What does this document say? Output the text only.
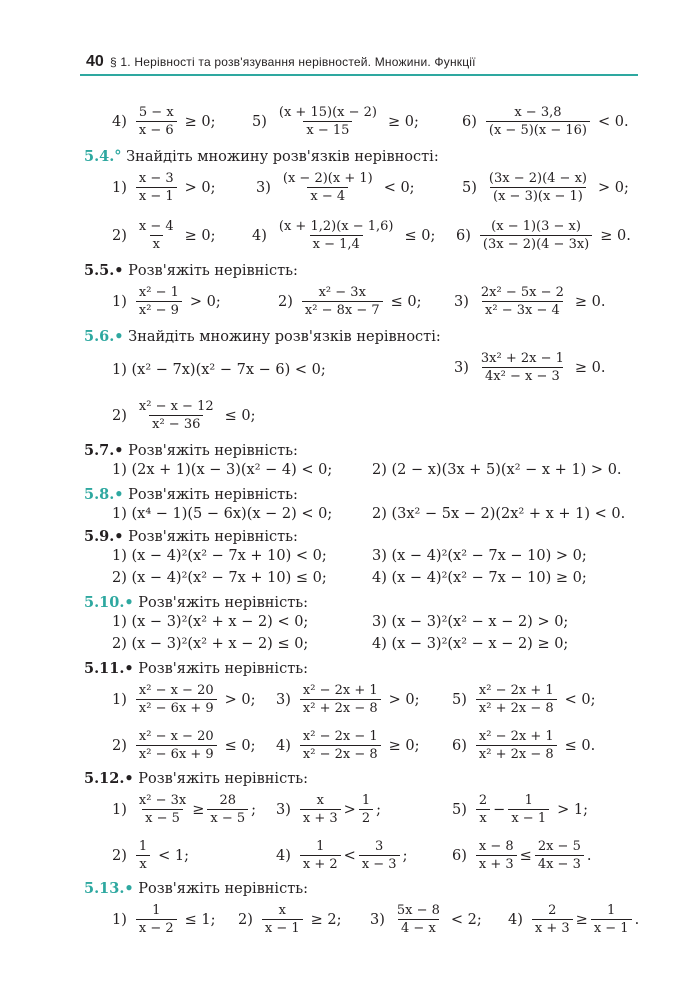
40 § 1. Нерівності та розв'язування нерівностей. Множини. Функції
$4) \frac{5 - x}{x - 6} \ge 0$;	$5) \frac{(x + 15)(x - 2)}{x - 15} \ge 0$;	$6) \frac{x - 3,8}{(x - 5)(x - 16)} < 0$.
5.4.° Знайдіть множину розв'язків нерівності:
$1) \frac{x - 3}{x - 1} > 0$;	$3) \frac{(x - 2)(x + 1)}{x - 4} < 0$;	$5) \frac{(3x - 2)(4 - x)}{(x - 3)(x - 1)} > 0$;
$2) \frac{x - 4}{x} \ge 0$;	$4) \frac{(x + 1,2)(x - 1,6)}{x - 1,4} \le 0$; $6) \frac{(x - 1)(3 - x)}{(3x - 2)(4 - 3x)} \ge 0$.
5.5.• Розв'яжіть нерівність:
$1) \frac{\text{x² − 1}}{\text{x² − 9}} > 0$;	$2) \frac{\text{x² − 3x}}{\text{x² − 8x − 7}} \le 0$; $3) \frac{\text{2x² − 5x − 2}}{\text{x² − 3x − 4}} \ge 0$.
5.6.• Знайдіть множину розв'язків нерівності:
1) (x² − 7x)(x² − 7x − 6) < 0;	$3) \frac{\text{3x² + 2x − 1}}{\text{4x² − x − 3}} \ge 0$.
$2) \frac{\text{x² − x − 12}}{\text{x² − 36}} \le 0$;
5.7.• Розв'яжіть нерівність:
1) (2x + 1)(x − 3)(x² − 4) < 0;	2) (2 − x)(3x + 5)(x² − x + 1) > 0.
5.8.• Розв'яжіть нерівність:
1) (x⁴ − 1)(5 − 6x)(x − 2) < 0;	2) (3x² − 5x − 2)(2x² + x + 1) < 0.
5.9.• Розв'яжіть нерівність:
1) (x − 4)²(x² − 7x + 10) < 0;	3) (x − 4)²(x² − 7x − 10) > 0;
2) (x − 4)²(x² − 7x + 10) ≤ 0;	4) (x − 4)²(x² − 7x − 10) ≥ 0;
5.10.• Розв'яжіть нерівність:
1) (x − 3)²(x² + x − 2) < 0;	3) (x − 3)²(x² − x − 2) > 0;
2) (x − 3)²(x² + x − 2) ≤ 0;	4) (x − 3)²(x² − x − 2) ≥ 0;
5.11.• Розв'яжіть нерівність:
$1) \frac{\text{x² − x − 20}}{\text{x² − 6x + 9}} > 0$; $3) \frac{\text{x² − 2x + 1}}{\text{x² + 2x − 8}} > 0$; $5) \frac{\text{x² − 2x + 1}}{\text{x² + 2x − 8}} < 0$;
$2) \frac{\text{x² − x − 20}}{\text{x² − 6x + 9}} \le 0$; $4) \frac{\text{x² − 2x − 1}}{\text{x² − 2x − 8}} \ge 0$; $6) \frac{\text{x² − 2x + 1}}{\text{x² + 2x − 8}} \le 0$.
5.12.• Розв'яжіть нерівність:
$1) \frac{\text{x² − 3x}}{x - 5} \ge \frac{28}{x - 5}$ ; $3) \frac{x}{x + 3} > \frac{1}{2}$ ;	$5) \frac{2}{x} - \frac{1}{x - 1} > 1$;
$2) \frac{1}{x} < 1$;	$4) \frac{1}{x + 2} < \frac{3}{x - 3}$ ;	$6) \frac{x - 8}{x + 3} \le \frac{2x - 5}{4x - 3}$ .
5.13.• Розв'яжіть нерівність:
$1) \frac{1}{x - 2} \le 1$; $2) \frac{x}{x - 1} \ge 2$; $3) \frac{5x - 8}{4 - x} < 2$; $4) \frac{2}{x + 3} \ge \frac{1}{x - 1}$ .
